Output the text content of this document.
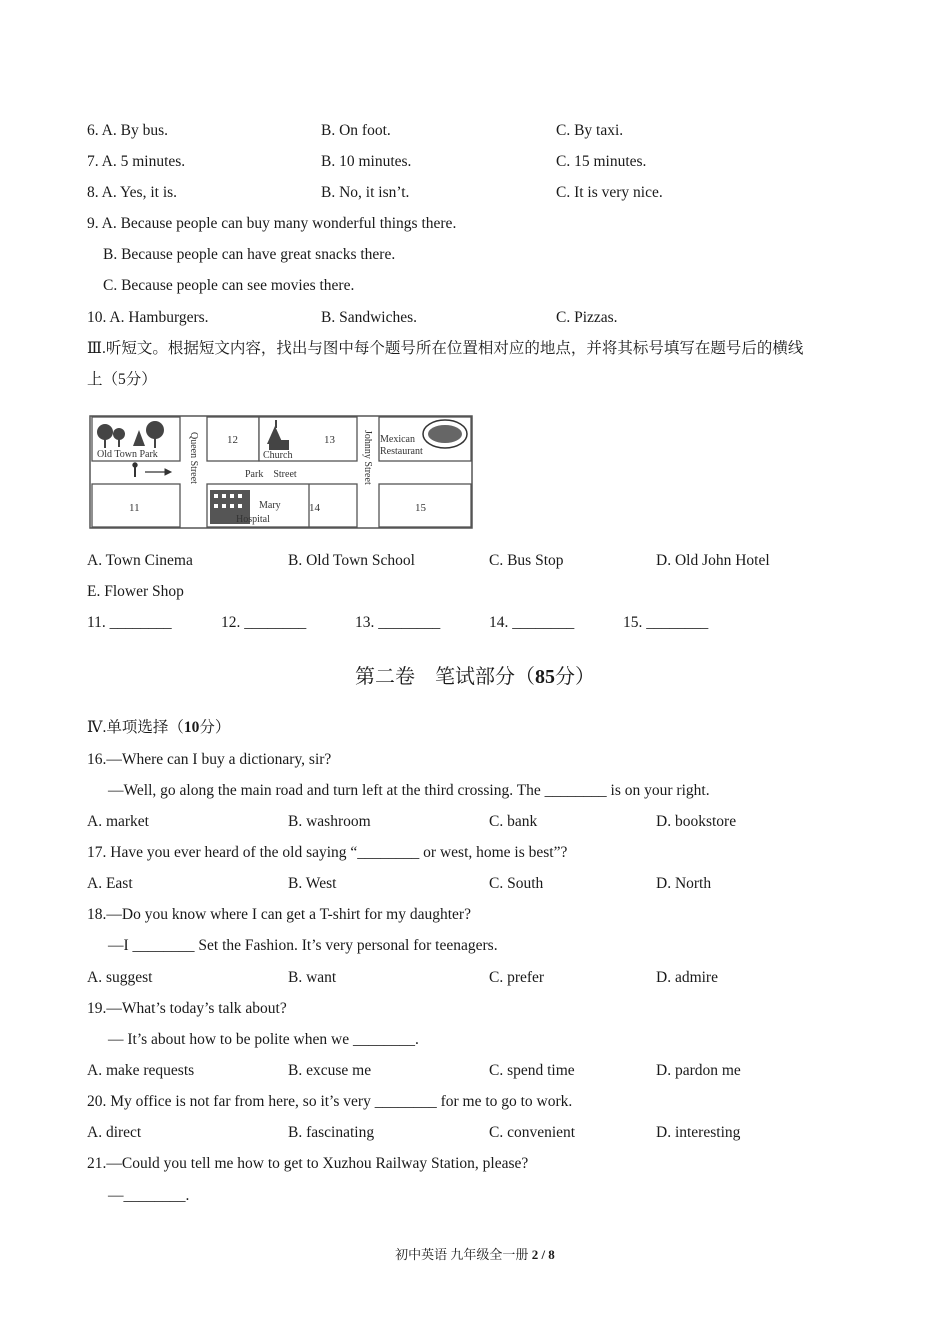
6. A. By bus.	B. On foot.	C. By taxi.
7. A. 5 minutes.	B. 10 minutes.	C. 15 minutes.
8. A. Yes, it is.	B. No, it isn’t.	C. It is very nice.
9. A. Because people can buy many wonderful things there.
B. Because people can have great snacks there.
C. Because people can see movies there.
10. A. Hamburgers.	B. Sandwiches.	C. Pizzas.
Ⅲ.听短文。根据短文内容，找出与图中每个题号所在位置相对应的地点，并将其标号填写在题号后的横线
上（5分）
Old Town Park	Church
Mexican
Restaurant
Mary
Hospital
12	13
11	14	15
Park    Street
Queen Street	Johnny Street
A. Town Cinema	B. Old Town School	C. Bus Stop	D. Old John Hotel
E. Flower Shop
11. ________	12. ________	13. ________	14. ________	15. ________
第二卷　笔试部分（85分）
Ⅳ.单项选择（10分）
16.—Where can I buy a dictionary, sir?
—Well, go along the main road and turn left at the third crossing. The ________ is on your right.
A. market	B. washroom	C. bank	D. bookstore
17. Have you ever heard of the old saying “________ or west, home is best”?
A. East	B. West	C. South	D. North
18.—Do you know where I can get a T-shirt for my daughter?
—I ________ Set the Fashion. It’s very personal for teenagers.
A. suggest	B. want	C. prefer	D. admire
19.—What’s today’s talk about?
— It’s about how to be polite when we ________.
A. make requests	B. excuse me	C. spend time	D. pardon me
20. My office is not far from here, so it’s very ________ for me to go to work.
A. direct	B. fascinating	C. convenient	D. interesting
21.—Could you tell me how to get to Xuzhou Railway Station, please?
—________.
初中英语 九年级全一册 2 / 8
